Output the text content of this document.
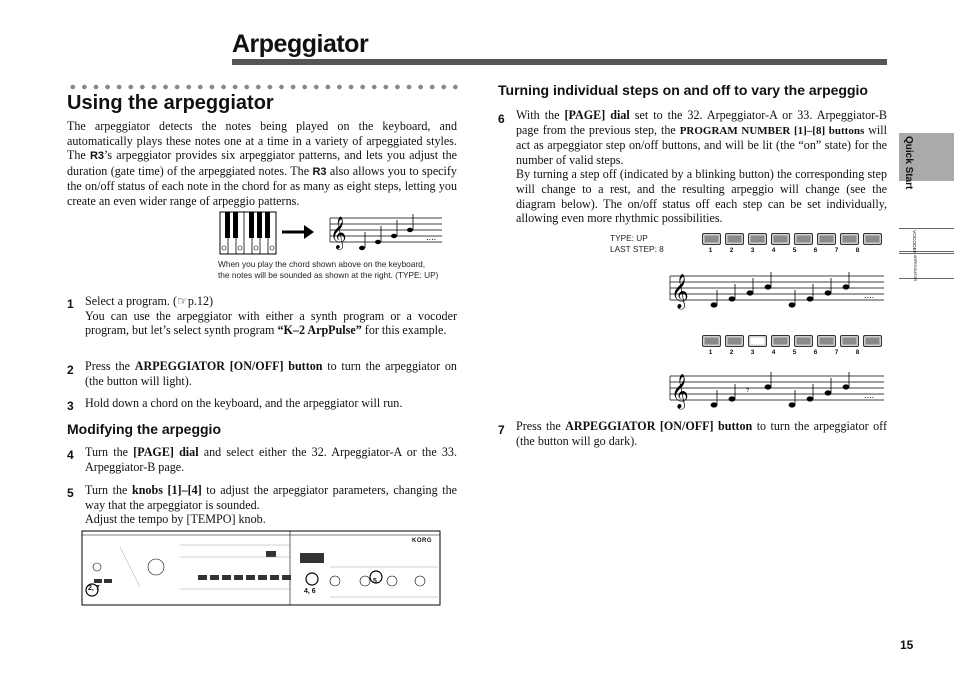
Arpeggiator
Quick Start
VOCODER
ARPEGGIATOR
Using the arpeggiator

The arpeggiator detects the notes being played on the keyboard, and automatically plays these notes one at a time in a variety of arpeggiated styles. The R3’s arpeggiator provides six arpeggiator patterns, and lets you adjust the duration (gate time) of the arpeggiated notes. The R3 also allows you to specify the on/off status of each note in the chord for as many as eight steps, letting you create an even wider range of arpeggio patterns.

𝄞	....
When you play the chord shown above on the keyboard,
the notes will be sounded as shown at the right. (TYPE: UP)
1 Select a program. (☞p.12)
You can use the arpeggiator with either a synth program or a vocoder program, but let’s select synth program “K–2 ArpPulse” for this example.
2 Press the ARPEGGIATOR [ON/OFF] button to turn the arpeggiator on (the button will light).
3 Hold down a chord on the keyboard, and the arpeggiator will run.
Modifying the arpeggio
4 Turn the [PAGE] dial and select either the 32. Arpeggiator-A or the 33. Arpeggiator-B page.
5 Turn the knobs [1]–[4] to adjust the arpeggiator parameters, changing the way that the arpeggiator is sounded.
Adjust the tempo by [TEMPO] knob.
2, 7	4, 6
5
KORG
Turning individual steps on and off to vary the arpeggio
6 With the [PAGE] dial set to the 32. Arpeggiator-A or 33. Arpeggiator-B page from the previous step, the PROGRAM NUMBER [1]–[8] buttons will act as arpeggiator step on/off buttons, and will be lit (the “on” state) for the number of valid steps.
By turning a step off (indicated by a blinking button) the corresponding step will change to a rest, and the resulting arpeggio will change (see the diagram below). The on/off status off each step can be set individually, allowing even more rhythmic possibilities.
TYPE: UP
LAST STEP: 8	1	2	3	4	5	6	7	8
𝄞	....
1	2	3	4	5	6	7	8
𝄞	𝄾	....
7 Press the ARPEGGIATOR [ON/OFF] button to turn the arpeggiator off (the button will go dark).
15
